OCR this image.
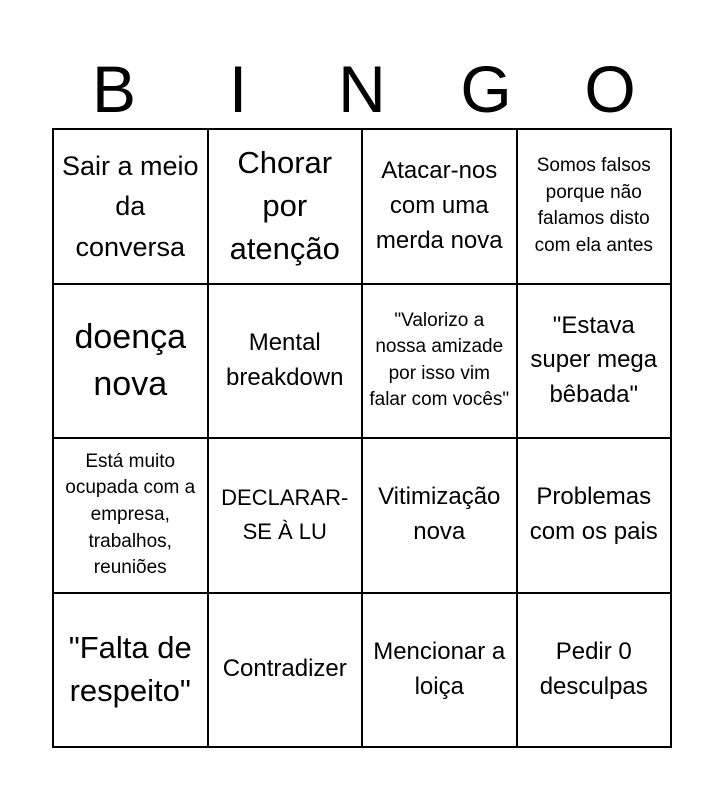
B	I	N	G	O
Sair a meio da conversa
Chorar por atenção
Atacar-nos com uma merda nova
Somos falsos porque não falamos disto com ela antes
doença nova
Mental breakdown
"Valorizo a nossa amizade por isso vim falar com vocês"
"Estava super mega bêbada"
Está muito ocupada com a empresa, trabalhos, reuniões
DECLARAR-SE À LU
Vitimização nova
Problemas com os pais
"Falta de respeito"
Contradizer
Mencionar a loiça
Pedir 0 desculpas
